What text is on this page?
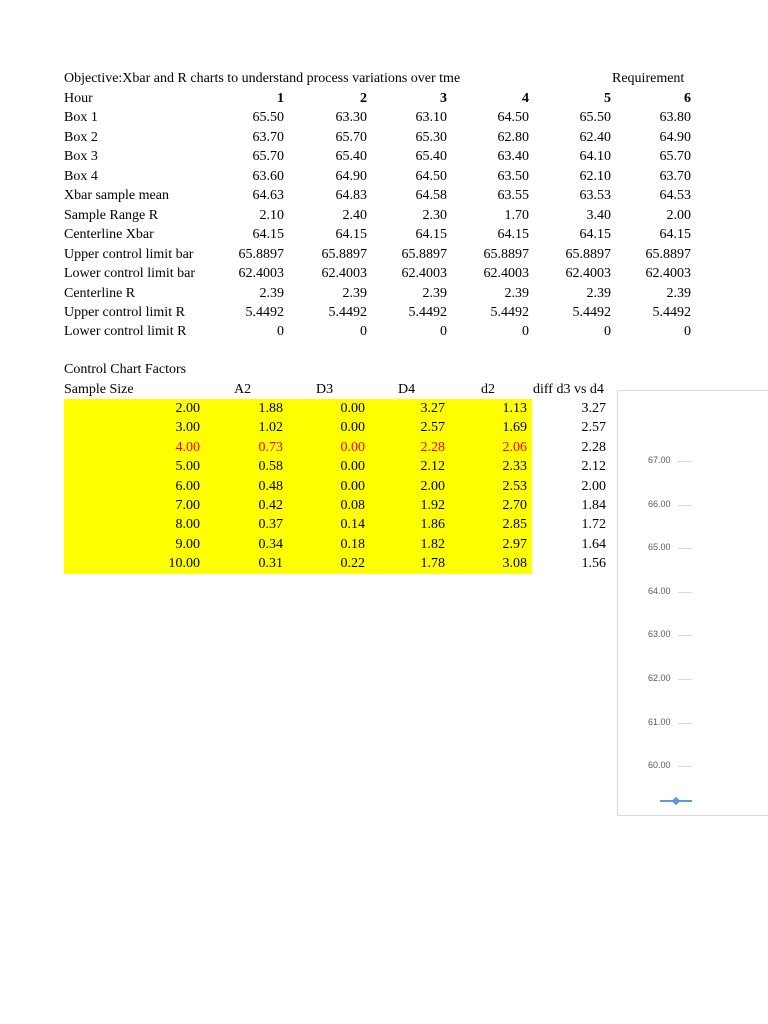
Objective:Xbar and R charts to understand process variations over tme	Requirement
Hour	1	2	3	4	5	6
Box 1	65.50	63.30	63.10	64.50	65.50	63.80
Box 2	63.70	65.70	65.30	62.80	62.40	64.90
Box 3	65.70	65.40	65.40	63.40	64.10	65.70
Box 4	63.60	64.90	64.50	63.50	62.10	63.70
Xbar sample mean	64.63	64.83	64.58	63.55	63.53	64.53
Sample Range R	2.10	2.40	2.30	1.70	3.40	2.00
Centerline Xbar	64.15	64.15	64.15	64.15	64.15	64.15
Upper control limit bar	65.8897	65.8897	65.8897	65.8897	65.8897	65.8897
Lower control limit bar	62.4003	62.4003	62.4003	62.4003	62.4003	62.4003
Centerline R	2.39	2.39	2.39	2.39	2.39	2.39
Upper control limit R	5.4492	5.4492	5.4492	5.4492	5.4492	5.4492
Lower control limit R	0	0	0	0	0	0
Control Chart Factors
Sample Size	A2	D3	D4	d2	diff d3 vs d4
2.00	1.88	0.00	3.27	1.13	3.27
3.00	1.02	0.00	2.57	1.69	2.57
4.00	0.73	0.00	2.28	2.06	2.28
5.00	0.58	0.00	2.12	2.33	2.12
6.00	0.48	0.00	2.00	2.53	2.00
7.00	0.42	0.08	1.92	2.70	1.84
8.00	0.37	0.14	1.86	2.85	1.72
9.00	0.34	0.18	1.82	2.97	1.64
10.00	0.31	0.22	1.78	3.08	1.56
67.00
66.00
65.00
64.00
63.00
62.00
61.00
60.00
